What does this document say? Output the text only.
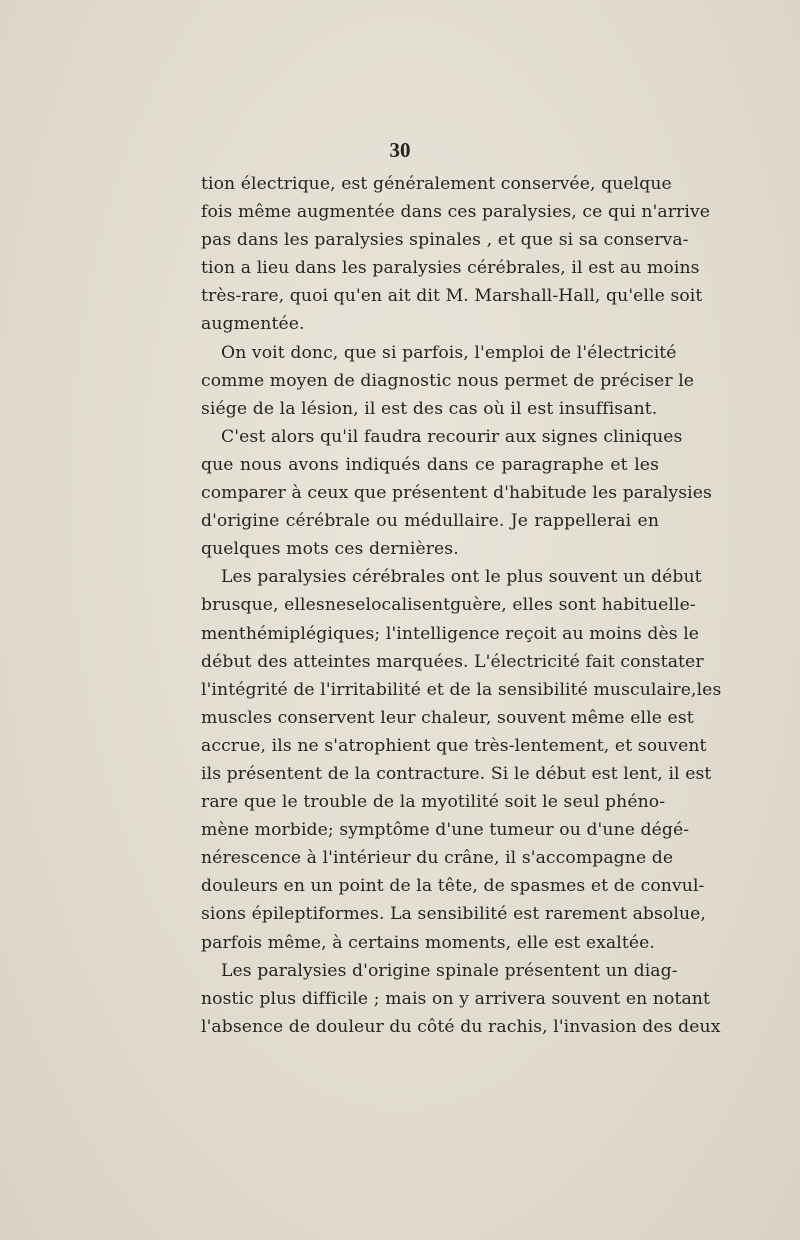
30
tion électrique, est généralement conservée, quelque
fois même augmentée dans ces paralysies, ce qui n'arrive
pas dans les paralysies spinales , et que si sa conserva-
tion a lieu dans les paralysies cérébrales, il est au moins
très-rare, quoi qu'en ait dit M. Marshall-Hall, qu'elle soit
augmentée.
On voit donc, que si parfois, l'emploi de l'électricité
comme moyen de diagnostic nous permet de préciser le
siége de la lésion, il est des cas où il est insuffisant.
C'est alors qu'il faudra recourir aux signes cliniques
que nous avons indiqués dans ce paragraphe et les
comparer à ceux que présentent d'habitude les paralysies
d'origine cérébrale ou médullaire. Je rappellerai en
quelques mots ces dernières.
Les paralysies cérébrales ont le plus souvent un début
brusque, ellesneselocalisentguère, elles sont habituelle-
menthémiplégiques; l'intelligence reçoit au moins dès le
début des atteintes marquées. L'électricité fait constater
l'intégrité de l'irritabilité et de la sensibilité musculaire,les
muscles conservent leur chaleur, souvent même elle est
accrue, ils ne s'atrophient que très-lentement, et souvent
ils présentent de la contracture. Si le début est lent, il est
rare que le trouble de la myotilité soit le seul phéno-
mène morbide; symptôme d'une tumeur ou d'une dégé-
nérescence à l'intérieur du crâne, il s'accompagne de
douleurs en un point de la tête, de spasmes et de convul-
sions épileptiformes. La sensibilité est rarement absolue,
parfois même, à certains moments, elle est exaltée.
Les paralysies d'origine spinale présentent un diag-
nostic plus difficile ; mais on y arrivera souvent en notant
l'absence de douleur du côté du rachis, l'invasion des deux
